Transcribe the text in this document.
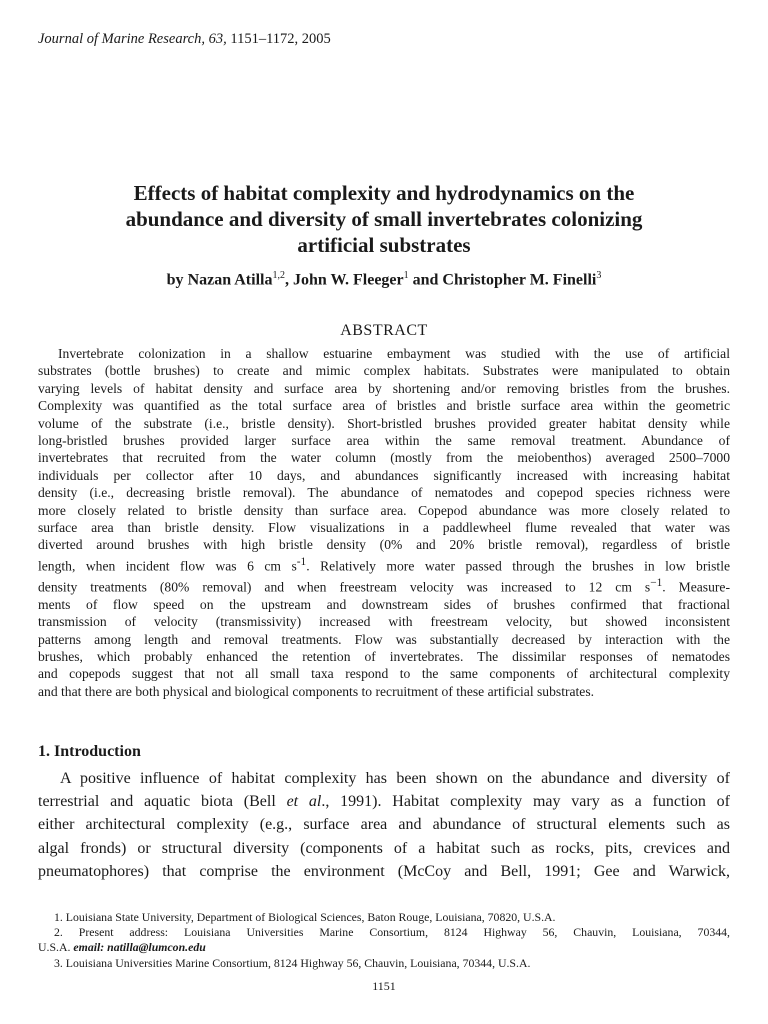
Journal of Marine Research, 63, 1151–1172, 2005
Effects of habitat complexity and hydrodynamics on the
abundance and diversity of small invertebrates colonizing
artificial substrates
by Nazan Atilla$^{1,2}$, John W. Fleeger$^1$ and Christopher M. Finelli$^3$
ABSTRACT
Invertebrate colonization in a shallow estuarine embayment was studied with the use of artificial
substrates (bottle brushes) to create and mimic complex habitats. Substrates were manipulated to obtain
varying levels of habitat density and surface area by shortening and/or removing bristles from the brushes.
Complexity was quantified as the total surface area of bristles and bristle surface area within the geometric
volume of the substrate (i.e., bristle density). Short-bristled brushes provided greater habitat density while
long-bristled brushes provided larger surface area within the same removal treatment. Abundance of
invertebrates that recruited from the water column (mostly from the meiobenthos) averaged 2500–7000
individuals per collector after 10 days, and abundances significantly increased with increasing habitat
density (i.e., decreasing bristle removal). The abundance of nematodes and copepod species richness were
more closely related to bristle density than surface area. Copepod abundance was more closely related to
surface area than bristle density. Flow visualizations in a paddlewheel flume revealed that water was
diverted around brushes with high bristle density (0% and 20% bristle removal), regardless of bristle
length, when incident flow was 6 cm $s^{-1}$. Relatively more water passed through the brushes in low bristle
density treatments (80% removal) and when freestream velocity was increased to 12 cm $s^{-1}$. Measure-
ments of flow speed on the upstream and downstream sides of brushes confirmed that fractional
transmission of velocity (transmissivity) increased with freestream velocity, but showed inconsistent
patterns among length and removal treatments. Flow was substantially decreased by interaction with the
brushes, which probably enhanced the retention of invertebrates. The dissimilar responses of nematodes
and copepods suggest that not all small taxa respond to the same components of architectural complexity
and that there are both physical and biological components to recruitment of these artificial substrates.
1. Introduction
A positive influence of habitat complexity has been shown on the abundance and diversity of
terrestrial and aquatic biota (Bell et al., 1991). Habitat complexity may vary as a function of
either architectural complexity (e.g., surface area and abundance of structural elements such as
algal fronds) or structural diversity (components of a habitat such as rocks, pits, crevices and
pneumatophores) that comprise the environment (McCoy and Bell, 1991; Gee and Warwick,
1. Louisiana State University, Department of Biological Sciences, Baton Rouge, Louisiana, 70820, U.S.A.
2. Present address: Louisiana Universities Marine Consortium, 8124 Highway 56, Chauvin, Louisiana, 70344,
U.S.A. email: natilla@lumcon.edu
3. Louisiana Universities Marine Consortium, 8124 Highway 56, Chauvin, Louisiana, 70344, U.S.A.
1151
